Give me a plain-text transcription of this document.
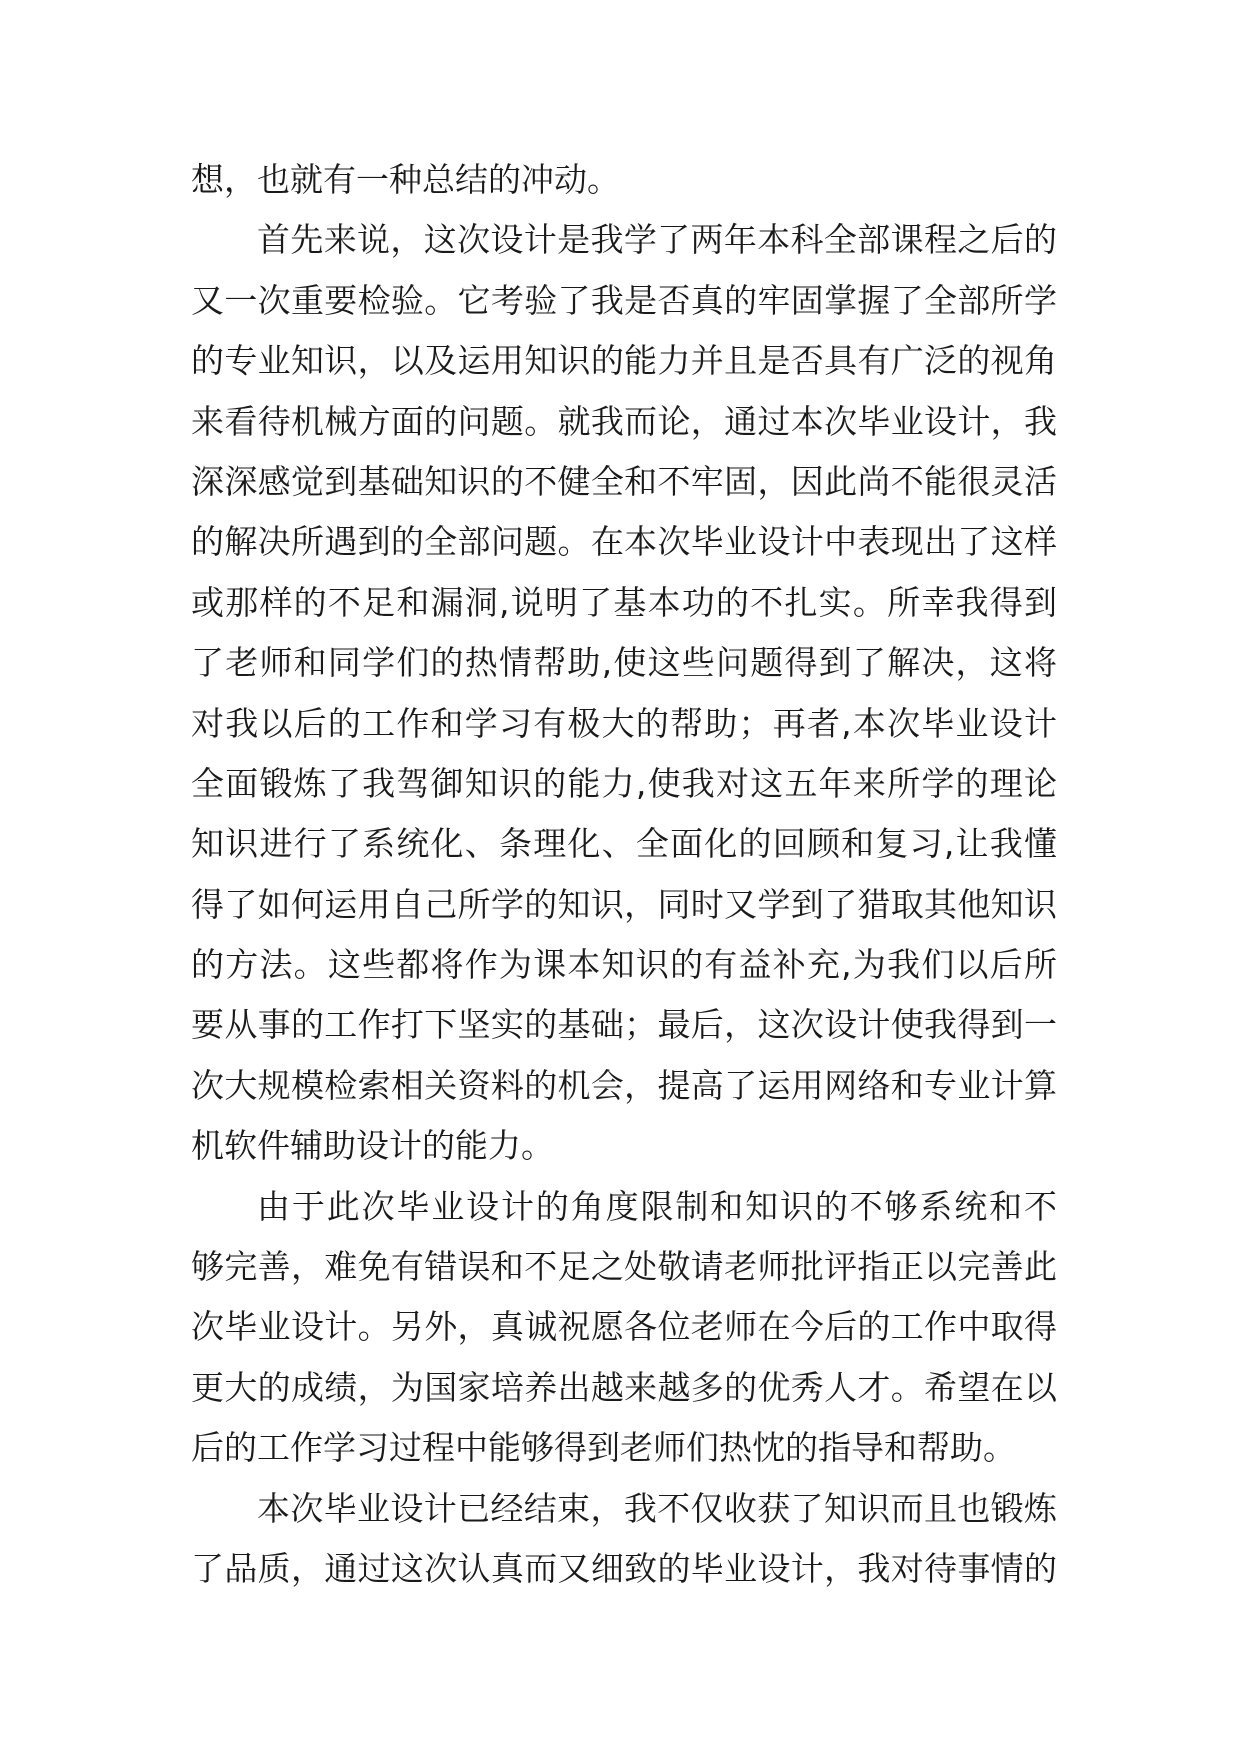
想，也就有一种总结的冲动。
首先来说，这次设计是我学了两年本科全部课程之后的
又一次重要检验。它考验了我是否真的牢固掌握了全部所学
的专业知识，以及运用知识的能力并且是否具有广泛的视角
来看待机械方面的问题。就我而论，通过本次毕业设计，我
深深感觉到基础知识的不健全和不牢固，因此尚不能很灵活
的解决所遇到的全部问题。在本次毕业设计中表现出了这样
或那样的不足和漏洞,说明了基本功的不扎实。所幸我得到
了老师和同学们的热情帮助,使这些问题得到了解决，这将
对我以后的工作和学习有极大的帮助；再者,本次毕业设计
全面锻炼了我驾御知识的能力,使我对这五年来所学的理论
知识进行了系统化、条理化、全面化的回顾和复习,让我懂
得了如何运用自己所学的知识，同时又学到了猎取其他知识
的方法。这些都将作为课本知识的有益补充,为我们以后所
要从事的工作打下坚实的基础；最后，这次设计使我得到一
次大规模检索相关资料的机会，提高了运用网络和专业计算
机软件辅助设计的能力。
由于此次毕业设计的角度限制和知识的不够系统和不
够完善，难免有错误和不足之处敬请老师批评指正以完善此
次毕业设计。另外，真诚祝愿各位老师在今后的工作中取得
更大的成绩，为国家培养出越来越多的优秀人才。希望在以
后的工作学习过程中能够得到老师们热忱的指导和帮助。
本次毕业设计已经结束，我不仅收获了知识而且也锻炼
了品质，通过这次认真而又细致的毕业设计，我对待事情的
